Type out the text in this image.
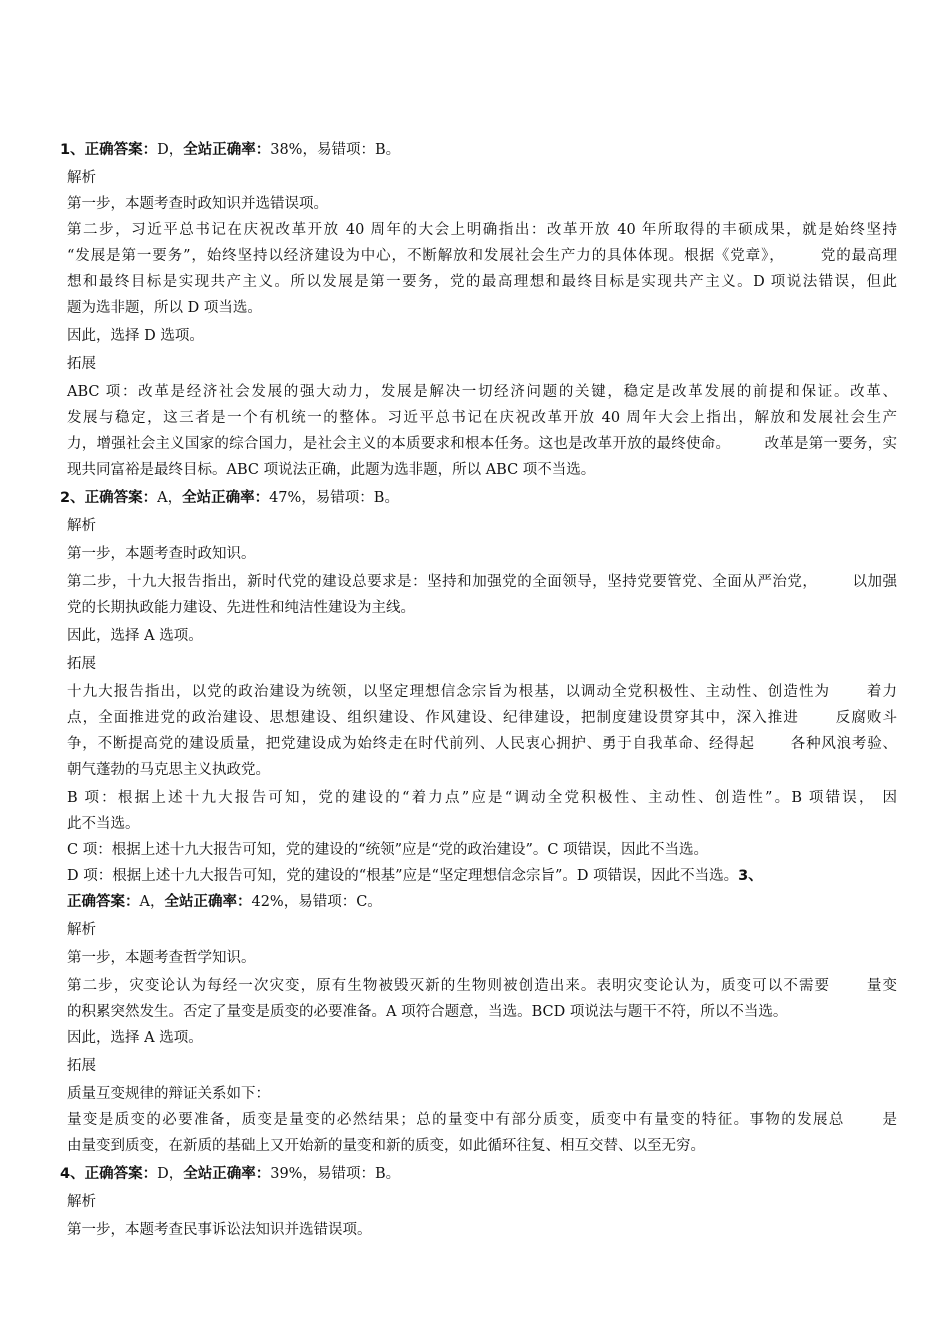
1、正确答案：D，全站正确率：38%，易错项：B。
解析
第一步，本题考查时政知识并选错误项。
第二步，习近平总书记在庆祝改革开放 40 周年的大会上明确指出：改革开放 40 年所取得的丰硕成果，就是始终坚持
“发展是第一要务”，始终坚持以经济建设为中心，不断解放和发展社会生产力的具体体现。根据《党章》， 　　党的最高理
想和最终目标是实现共产主义。所以发展是第一要务，党的最高理想和最终目标是实现共产主义。D 项说法错误，但此
题为选非题，所以 D 项当选。
因此，选择 D 选项。
拓展
ABC 项：改革是经济社会发展的强大动力，发展是解决一切经济问题的关键，稳定是改革发展的前提和保证。改革、
发展与稳定，这三者是一个有机统一的整体。习近平总书记在庆祝改革开放 40 周年大会上指出，解放和发展社会生产
力，增强社会主义国家的综合国力，是社会主义的本质要求和根本任务。这也是改革开放的最终使命。 　　改革是第一要务，实
现共同富裕是最终目标。ABC 项说法正确，此题为选非题，所以 ABC 项不当选。
2、正确答案：A，全站正确率：47%，易错项：B。
解析
第一步，本题考查时政知识。
第二步，十九大报告指出，新时代党的建设总要求是：坚持和加强党的全面领导，坚持党要管党、全面从严治党， 　　以加强
党的长期执政能力建设、先进性和纯洁性建设为主线。
因此，选择 A 选项。
拓展
十九大报告指出，以党的政治建设为统领，以坚定理想信念宗旨为根基，以调动全党积极性、主动性、创造性为 　　着力
点，全面推进党的政治建设、思想建设、组织建设、作风建设、纪律建设，把制度建设贯穿其中，深入推进 　　反腐败斗
争，不断提高党的建设质量，把党建设成为始终走在时代前列、人民衷心拥护、勇于自我革命、经得起 　　各种风浪考验、
朝气蓬勃的马克思主义执政党。
B 项：根据上述十九大报告可知，党的建设的“着力点”应是“调动全党积极性、主动性、创造性”。B 项错误， 因
此不当选。
C 项：根据上述十九大报告可知，党的建设的“统领”应是“党的政治建设”。C 项错误，因此不当选。
D 项：根据上述十九大报告可知，党的建设的“根基”应是“坚定理想信念宗旨”。D 项错误，因此不当选。3、
正确答案：A，全站正确率：42%，易错项：C。
解析
第一步，本题考查哲学知识。
第二步，灾变论认为每经一次灾变，原有生物被毁灭新的生物则被创造出来。表明灾变论认为，质变可以不需要 　　量变
的积累突然发生。否定了量变是质变的必要准备。A 项符合题意，当选。BCD 项说法与题干不符，所以不当选。
因此，选择 A 选项。
拓展
质量互变规律的辩证关系如下：
量变是质变的必要准备，质变是量变的必然结果；总的量变中有部分质变，质变中有量变的特征。事物的发展总 　　是
由量变到质变，在新质的基础上又开始新的量变和新的质变，如此循环往复、相互交替、以至无穷。
4、正确答案：D，全站正确率：39%，易错项：B。
解析
第一步，本题考查民事诉讼法知识并选错误项。
